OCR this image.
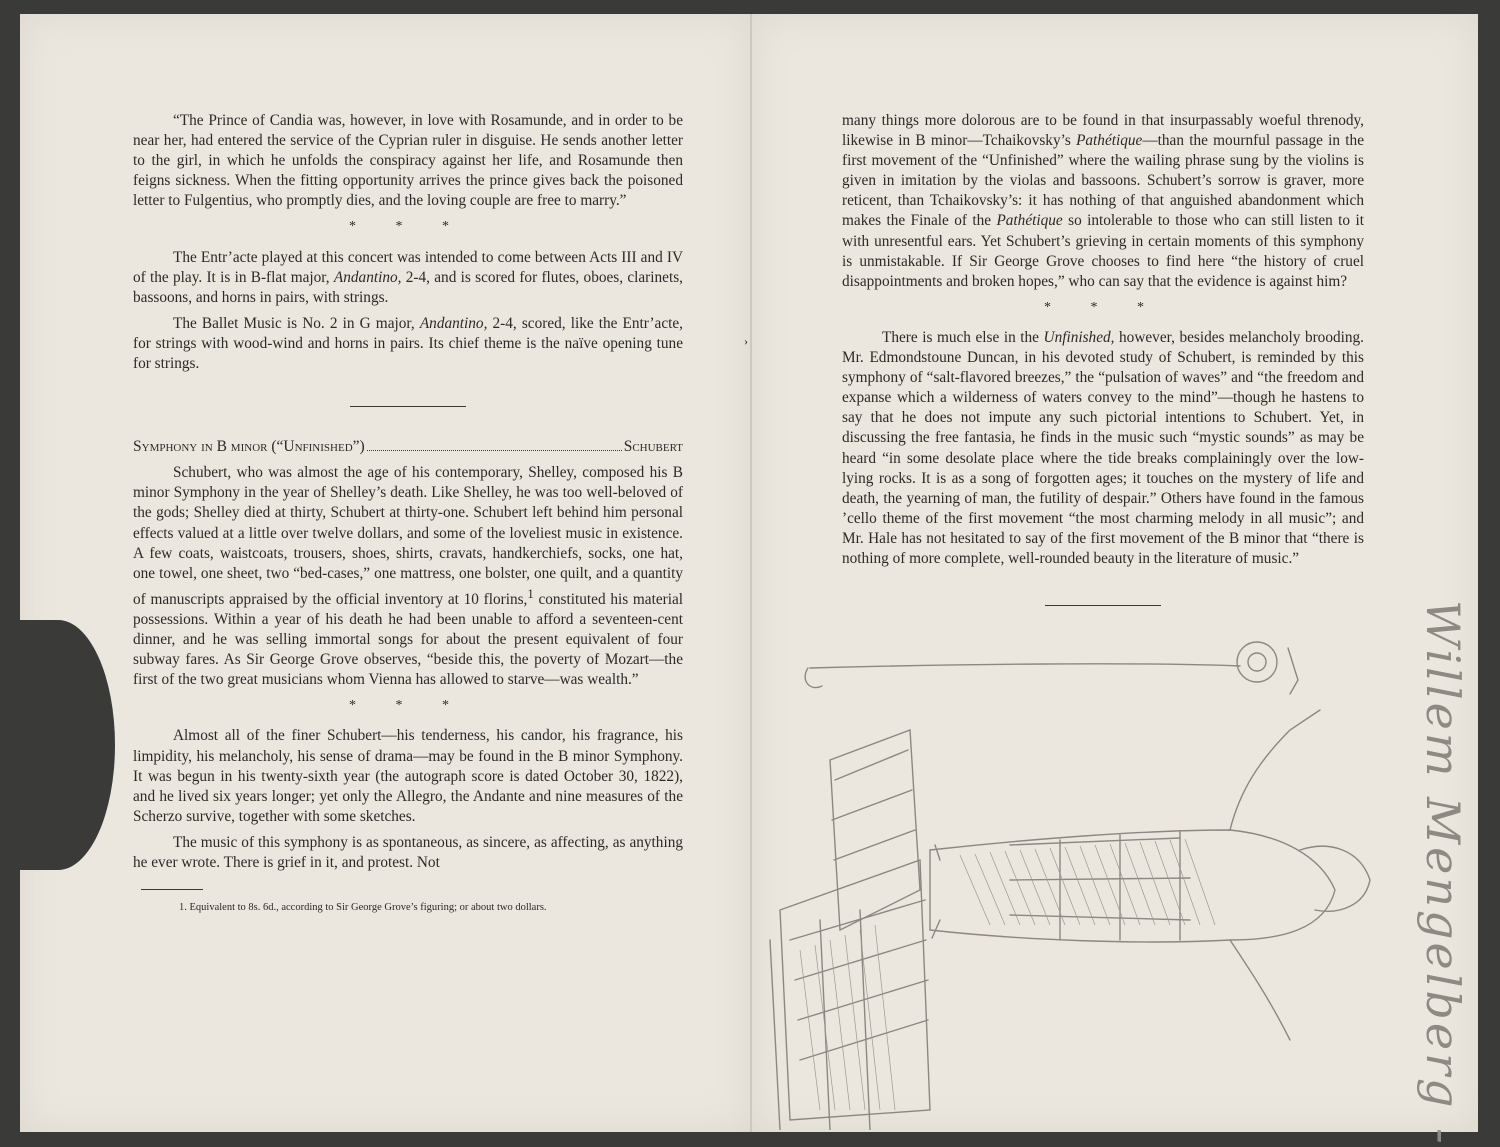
“The Prince of Candia was, however, in love with Rosamunde, and in order to be near her, had entered the service of the Cyprian ruler in disguise. He sends another letter to the girl, in which he unfolds the conspiracy against her life, and Rosamunde then feigns sickness. When the fitting opportunity arrives the prince gives back the poisoned letter to Fulgentius, who promptly dies, and the loving couple are free to marry.”

* * *

The Entr’acte played at this concert was intended to come between Acts III and IV of the play. It is in B-flat major, Andantino, 2-4, and is scored for flutes, oboes, clarinets, bassoons, and horns in pairs, with strings.

The Ballet Music is No. 2 in G major, Andantino, 2-4, scored, like the Entr’acte, for strings with wood-wind and horns in pairs. Its chief theme is the naïve opening tune for strings.

Symphony in B minor (“Unfinished”)	Schubert

Schubert, who was almost the age of his contemporary, Shelley, composed his B minor Symphony in the year of Shelley’s death. Like Shelley, he was too well-beloved of the gods; Shelley died at thirty, Schubert at thirty-one. Schubert left behind him personal effects valued at a little over twelve dollars, and some of the loveliest music in existence. A few coats, waistcoats, trousers, shoes, shirts, cravats, handkerchiefs, socks, one hat, one towel, one sheet, two “bed-cases,” one mattress, one bolster, one quilt, and a quantity of manuscripts appraised by the official inventory at 10 florins,$^1$ constituted his material possessions. Within a year of his death he had been unable to afford a seventeen-cent dinner, and he was selling immortal songs for about the present equivalent of four subway fares. As Sir George Grove observes, “beside this, the poverty of Mozart—the first of the two great musicians whom Vienna has allowed to starve—was wealth.”

* * *

Almost all of the finer Schubert—his tenderness, his candor, his fragrance, his limpidity, his melancholy, his sense of drama—may be found in the B minor Symphony. It was begun in his twenty-sixth year (the autograph score is dated October 30, 1822), and he lived six years longer; yet only the Allegro, the Andante and nine measures of the Scherzo survive, together with some sketches.

The music of this symphony is as spontaneous, as sincere, as affecting, as anything he ever wrote. There is grief in it, and protest. Not

1. Equivalent to 8s. 6d., according to Sir George Grove’s figuring; or about two dollars.

many things more dolorous are to be found in that insurpassably woeful threnody, likewise in B minor—Tchaikovsky’s Pathétique—than the mournful passage in the first movement of the “Unfinished” where the wailing phrase sung by the violins is given in imitation by the violas and bassoons. Schubert’s sorrow is graver, more reticent, than Tchaikovsky’s: it has nothing of that anguished abandonment which makes the Finale of the Pathétique so intolerable to those who can still listen to it with unresentful ears. Yet Schubert’s grieving in certain moments of this symphony is unmistakable. If Sir George Grove chooses to find here “the history of cruel disappointments and broken hopes,” who can say that the evidence is against him?

* * *

There is much else in the Unfinished, however, besides melancholy brooding. Mr. Edmondstoune Duncan, in his devoted study of Schubert, is reminded by this symphony of “salt-flavored breezes,” the “pulsation of waves” and “the freedom and expanse which a wilderness of waters convey to the mind”—though he hastens to say that he does not impute any such pictorial intentions to Schubert. Yet, in discussing the free fantasia, he finds in the music such “mystic sounds” as may be heard “in some desolate place where the tide breaks complainingly over the low-lying rocks. It is as a song of forgotten ages; it touches on the mystery of life and death, the yearning of man, the futility of despair.” Others have found in the famous ’cello theme of the first movement “the most charming melody in all music”; and Mr. Hale has not hesitated to say of the first movement of the B minor that “there is nothing of more complete, well-rounded beauty in the literature of music.”

›
Willem Mengelberg -
